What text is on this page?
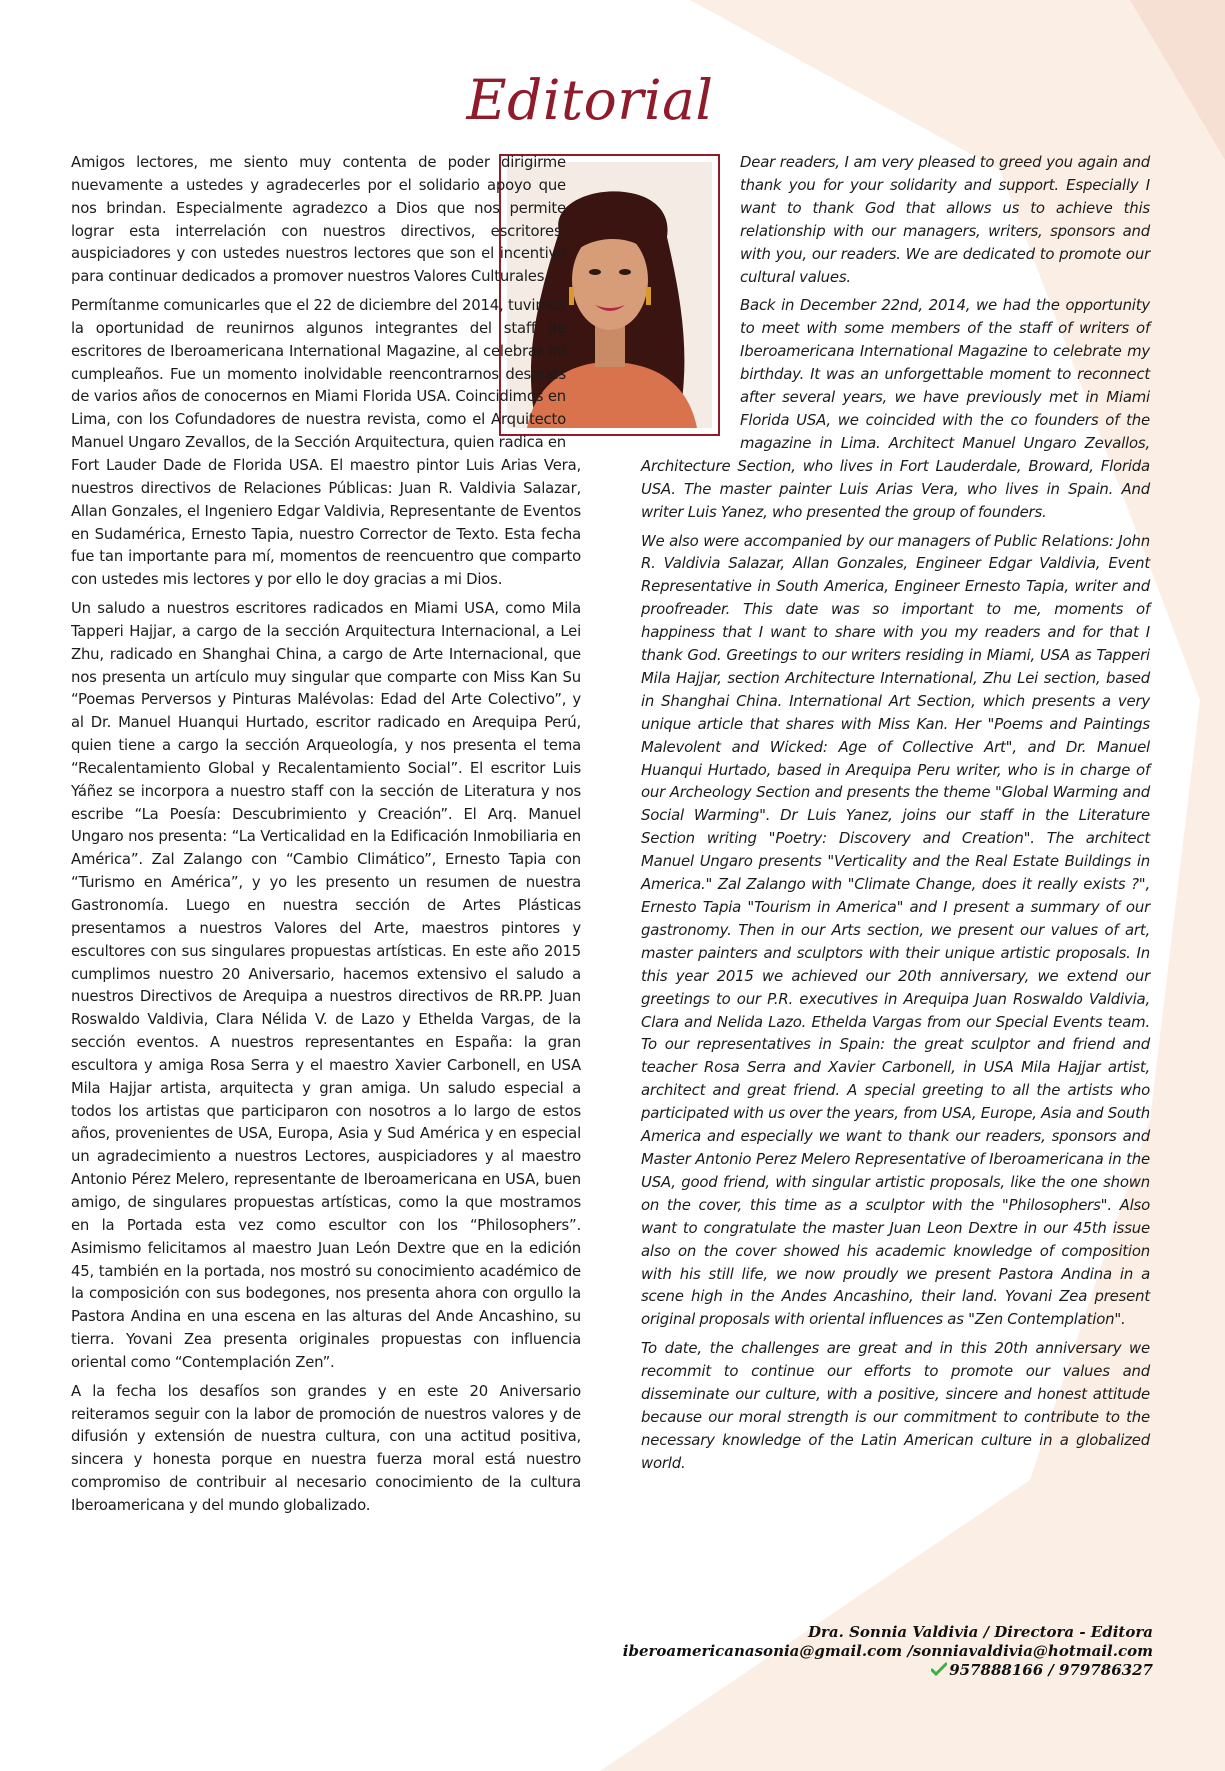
Editorial

Amigos lectores, me siento muy contenta de poder dirigirme nuevamente a ustedes y agradecerles por el solidario apoyo que nos brindan. Especialmente agradezco a Dios que nos permite lograr esta interrelación con nuestros directivos, escritores, auspiciadores y con ustedes nuestros lectores que son el incentivo para continuar dedicados a promover nuestros Valores Culturales.

Permítanme comunicarles que el 22 de diciembre del 2014, tuvimos la oportunidad de reunirnos algunos integrantes del staff de escritores de Iberoamericana International Magazine, al celebrar mi cumpleaños. Fue un momento inolvidable reencontrarnos después de varios años de conocernos en Miami Florida USA. Coincidimos en Lima, con los Cofundadores de nuestra revista, como el Arquitecto Manuel Ungaro Zevallos, de la Sección Arquitectura, quien radica en Fort Lauder Dade de Florida USA. El maestro pintor Luis Arias Vera, nuestros directivos de Relaciones Públicas: Juan R. Valdivia Salazar, Allan Gonzales, el Ingeniero Edgar Valdivia, Representante de Eventos en Sudamérica, Ernesto Tapia, nuestro Corrector de Texto. Esta fecha fue tan importante para mí, momentos de reencuentro que comparto con ustedes mis lectores y por ello le doy gracias a mi Dios.

Un saludo a nuestros escritores radicados en Miami USA, como Mila Tapperi Hajjar, a cargo de la sección Arquitectura Internacional, a Lei Zhu, radicado en Shanghai China, a cargo de Arte Internacional, que nos presenta un artículo muy singular que comparte con Miss Kan Su “Poemas Perversos y Pinturas Malévolas: Edad del Arte Colectivo”, y al Dr. Manuel Huanqui Hurtado, escritor radicado en Arequipa Perú, quien tiene a cargo la sección Arqueología, y nos presenta el tema “Recalentamiento Global y Recalentamiento Social”. El escritor Luis Yáñez se incorpora a nuestro staff con la sección de Literatura y nos escribe “La Poesía: Descubrimiento y Creación”. El Arq. Manuel Ungaro nos presenta: “La Verticalidad en la Edificación Inmobiliaria en América”. Zal Zalango con “Cambio Climático”, Ernesto Tapia con “Turismo en América”, y yo les presento un resumen de nuestra Gastronomía. Luego en nuestra sección de Artes Plásticas presentamos a nuestros Valores del Arte, maestros pintores y escultores con sus singulares propuestas artísticas. En este año 2015 cumplimos nuestro 20 Aniversario, hacemos extensivo el saludo a nuestros Directivos de Arequipa a nuestros directivos de RR.PP. Juan Roswaldo Valdivia, Clara Nélida V. de Lazo y Ethelda Vargas, de la sección eventos. A nuestros representantes en España: la gran escultora y amiga Rosa Serra y el maestro Xavier Carbonell, en USA Mila Hajjar artista, arquitecta y gran amiga. Un saludo especial a todos los artistas que participaron con nosotros a lo largo de estos años, provenientes de USA, Europa, Asia y Sud América y en especial un agradecimiento a nuestros Lectores, auspiciadores y al maestro Antonio Pérez Melero, representante de Iberoamericana en USA, buen amigo, de singulares propuestas artísticas, como la que mostramos en la Portada esta vez como escultor con los “Philosophers”. Asimismo felicitamos al maestro Juan León Dextre que en la edición 45, también en la portada, nos mostró su conocimiento académico de la composición con sus bodegones, nos presenta ahora con orgullo la Pastora Andina en una escena en las alturas del Ande Ancashino, su tierra. Yovani Zea presenta originales propuestas con influencia oriental como “Contemplación Zen”.

A la fecha los desafíos son grandes y en este 20 Aniversario reiteramos seguir con la labor de promoción de nuestros valores y de difusión y extensión de nuestra cultura, con una actitud positiva, sincera y honesta porque en nuestra fuerza moral está nuestro compromiso de contribuir al necesario conocimiento de la cultura Iberoamericana y del mundo globalizado.

Dear readers, I am very pleased to greed you again and thank you for your solidarity and support. Especially I want to thank God that allows us to achieve this relationship with our managers, writers, sponsors and with you, our readers. We are dedicated to promote our cultural values.

Back in December 22nd, 2014, we had the opportunity to meet with some members of the staff of writers of Iberoamericana International Magazine to celebrate my birthday. It was an unforgettable moment to reconnect after several years, we have previously met in Miami Florida USA, we coincided with the co founders of the magazine in Lima. Architect Manuel Ungaro Zevallos, Architecture Section, who lives in Fort Lauderdale, Broward, Florida USA. The master painter Luis Arias Vera, who lives in Spain. And writer Luis Yanez, who presented the group of founders.

We also were accompanied by our managers of Public Relations: John R. Valdivia Salazar, Allan Gonzales, Engineer Edgar Valdivia, Event Representative in South America, Engineer Ernesto Tapia, writer and proofreader. This date was so important to me, moments of happiness that I want to share with you my readers and for that I thank God. Greetings to our writers residing in Miami, USA as Tapperi Mila Hajjar, section Architecture International, Zhu Lei section, based in Shanghai China. International Art Section, which presents a very unique article that shares with Miss Kan. Her "Poems and Paintings Malevolent and Wicked: Age of Collective Art", and Dr. Manuel Huanqui Hurtado, based in Arequipa Peru writer, who is in charge of our Archeology Section and presents the theme "Global Warming and Social Warming". Dr Luis Yanez, joins our staff in the Literature Section writing "Poetry: Discovery and Creation". The architect Manuel Ungaro presents "Verticality and the Real Estate Buildings in America." Zal Zalango with "Climate Change, does it really exists ?", Ernesto Tapia "Tourism in America" and I present a summary of our gastronomy. Then in our Arts section, we present our values of art, master painters and sculptors with their unique artistic proposals. In this year 2015 we achieved our 20th anniversary, we extend our greetings to our P.R. executives in Arequipa Juan Roswaldo Valdivia, Clara and Nelida Lazo. Ethelda Vargas from our Special Events team. To our representatives in Spain: the great sculptor and friend and teacher Rosa Serra and Xavier Carbonell, in USA Mila Hajjar artist, architect and great friend. A special greeting to all the artists who participated with us over the years, from USA, Europe, Asia and South America and especially we want to thank our readers, sponsors and Master Antonio Perez Melero Representative of Iberoamericana in the USA, good friend, with singular artistic proposals, like the one shown on the cover, this time as a sculptor with the "Philosophers". Also want to congratulate the master Juan Leon Dextre in our 45th issue also on the cover showed his academic knowledge of composition with his still life, we now proudly we present Pastora Andina in a scene high in the Andes Ancashino, their land. Yovani Zea present original proposals with oriental influences as "Zen Contemplation".

To date, the challenges are great and in this 20th anniversary we recommit to continue our efforts to promote our values and disseminate our culture, with a positive, sincere and honest attitude because our moral strength is our commitment to contribute to the necessary knowledge of the Latin American culture in a globalized world.

Dra. Sonnia Valdivia / Directora - Editora
iberoamericanasonia@gmail.com /sonniavaldivia@hotmail.com
957888166 / 979786327
